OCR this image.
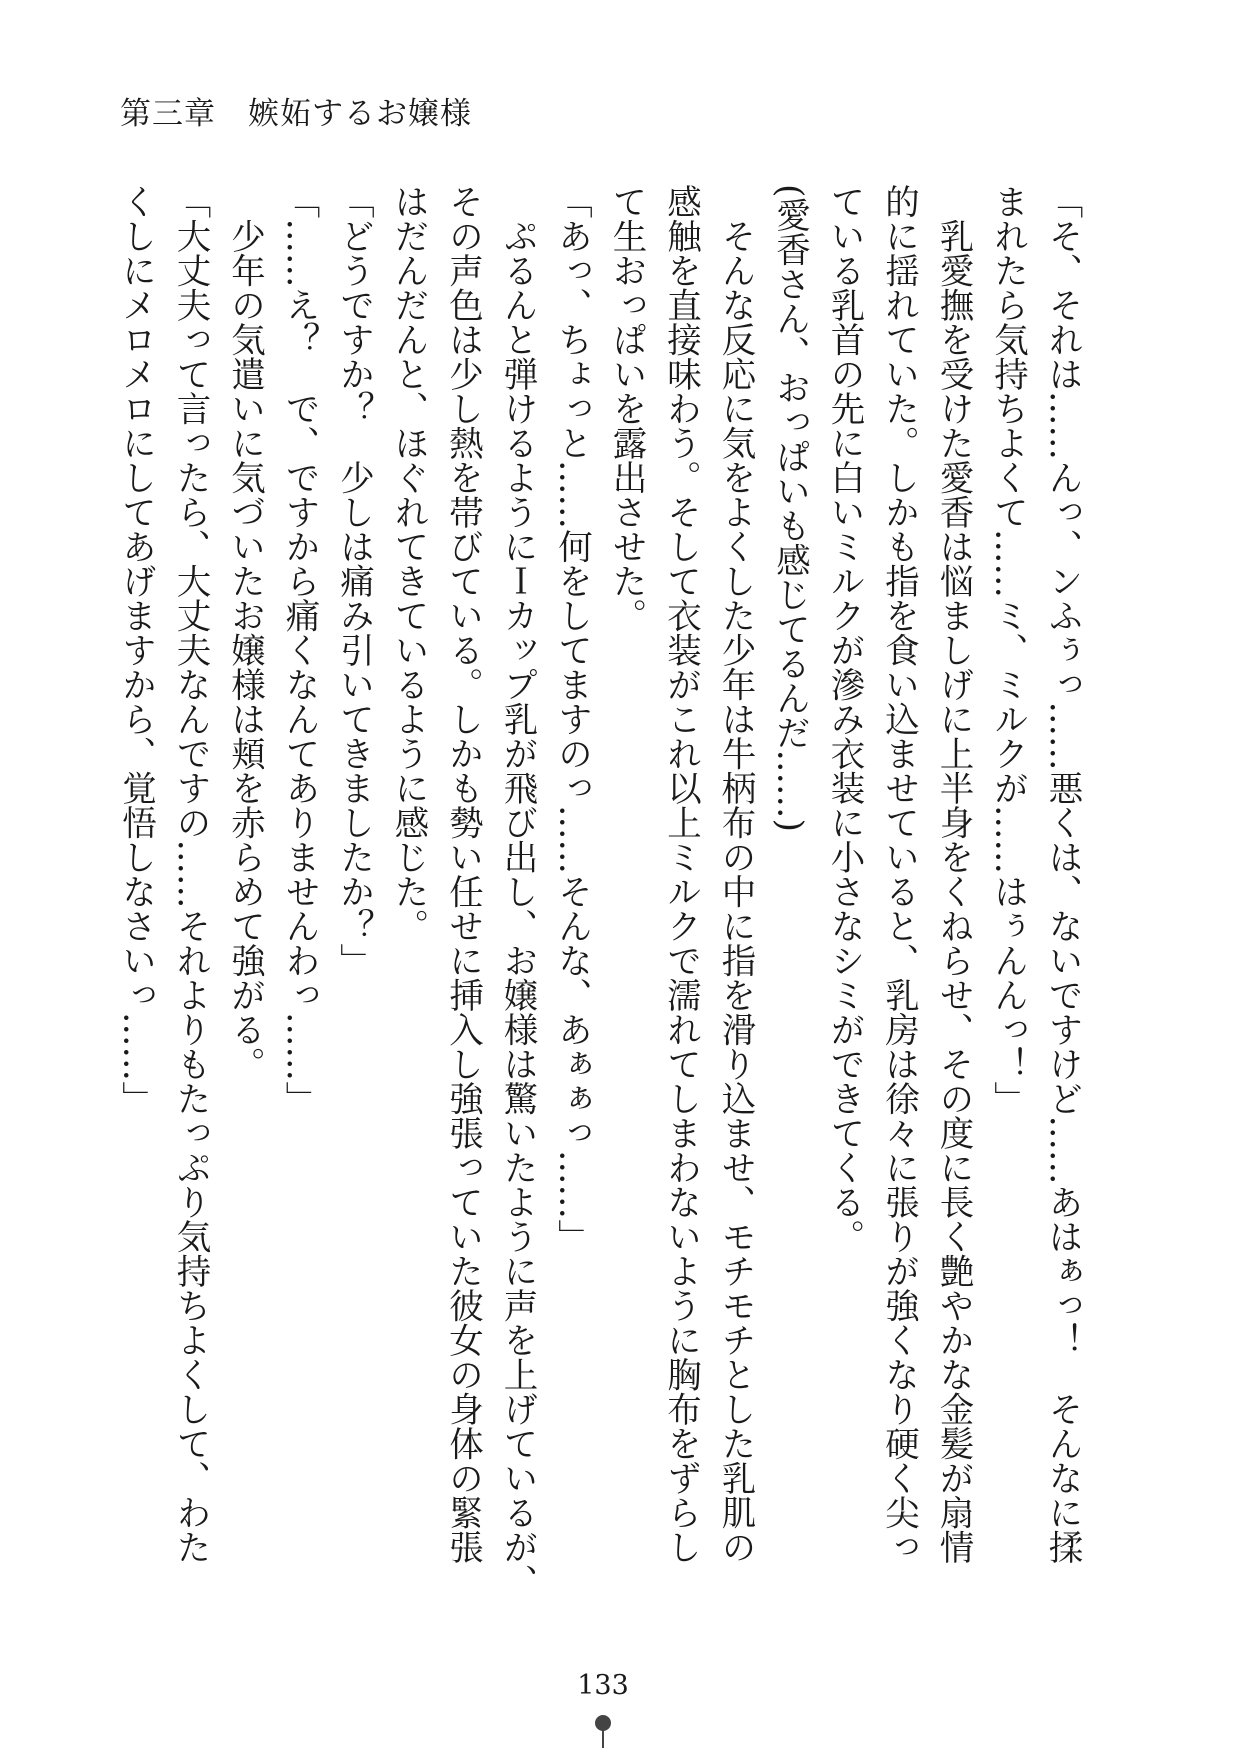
第三章　嫉妬するお嬢様

「そ、それは……んっ、ンふぅっ……悪くは、ないですけど……あはぁっ！　そんなに揉

まれたら気持ちよくて……ミ、ミルクが……はぅんんっ！」

　乳愛撫を受けた愛香は悩ましげに上半身をくねらせ、その度に長く艶やかな金髪が扇情

的に揺れていた。しかも指を食い込ませていると、乳房は徐々に張りが強くなり硬く尖っ

ている乳首の先に白いミルクが滲み衣装に小さなシミができてくる。

(愛香さん、おっぱいも感じてるんだ……)

　そんな反応に気をよくした少年は牛柄布の中に指を滑り込ませ、モチモチとした乳肌の

感触を直接味わう。そして衣装がこれ以上ミルクで濡れてしまわないように胸布をずらし

て生おっぱいを露出させた。

「あっ、ちょっと……何をしてますのっ……そんな、あぁぁっ……」

　ぷるんと弾けるようにＩカップ乳が飛び出し、お嬢様は驚いたように声を上げているが、

その声色は少し熱を帯びている。しかも勢い任せに挿入し強張っていた彼女の身体の緊張

はだんだんと、ほぐれてきているように感じた。

「どうですか？　少しは痛み引いてきましたか？」

「……え？　で、ですから痛くなんてありませんわっ……」

　少年の気遣いに気づいたお嬢様は頬を赤らめて強がる。

「大丈夫って言ったら、大丈夫なんですの……それよりもたっぷり気持ちよくして、わた

くしにメロメロにしてあげますから、覚悟しなさいっ……」

133
